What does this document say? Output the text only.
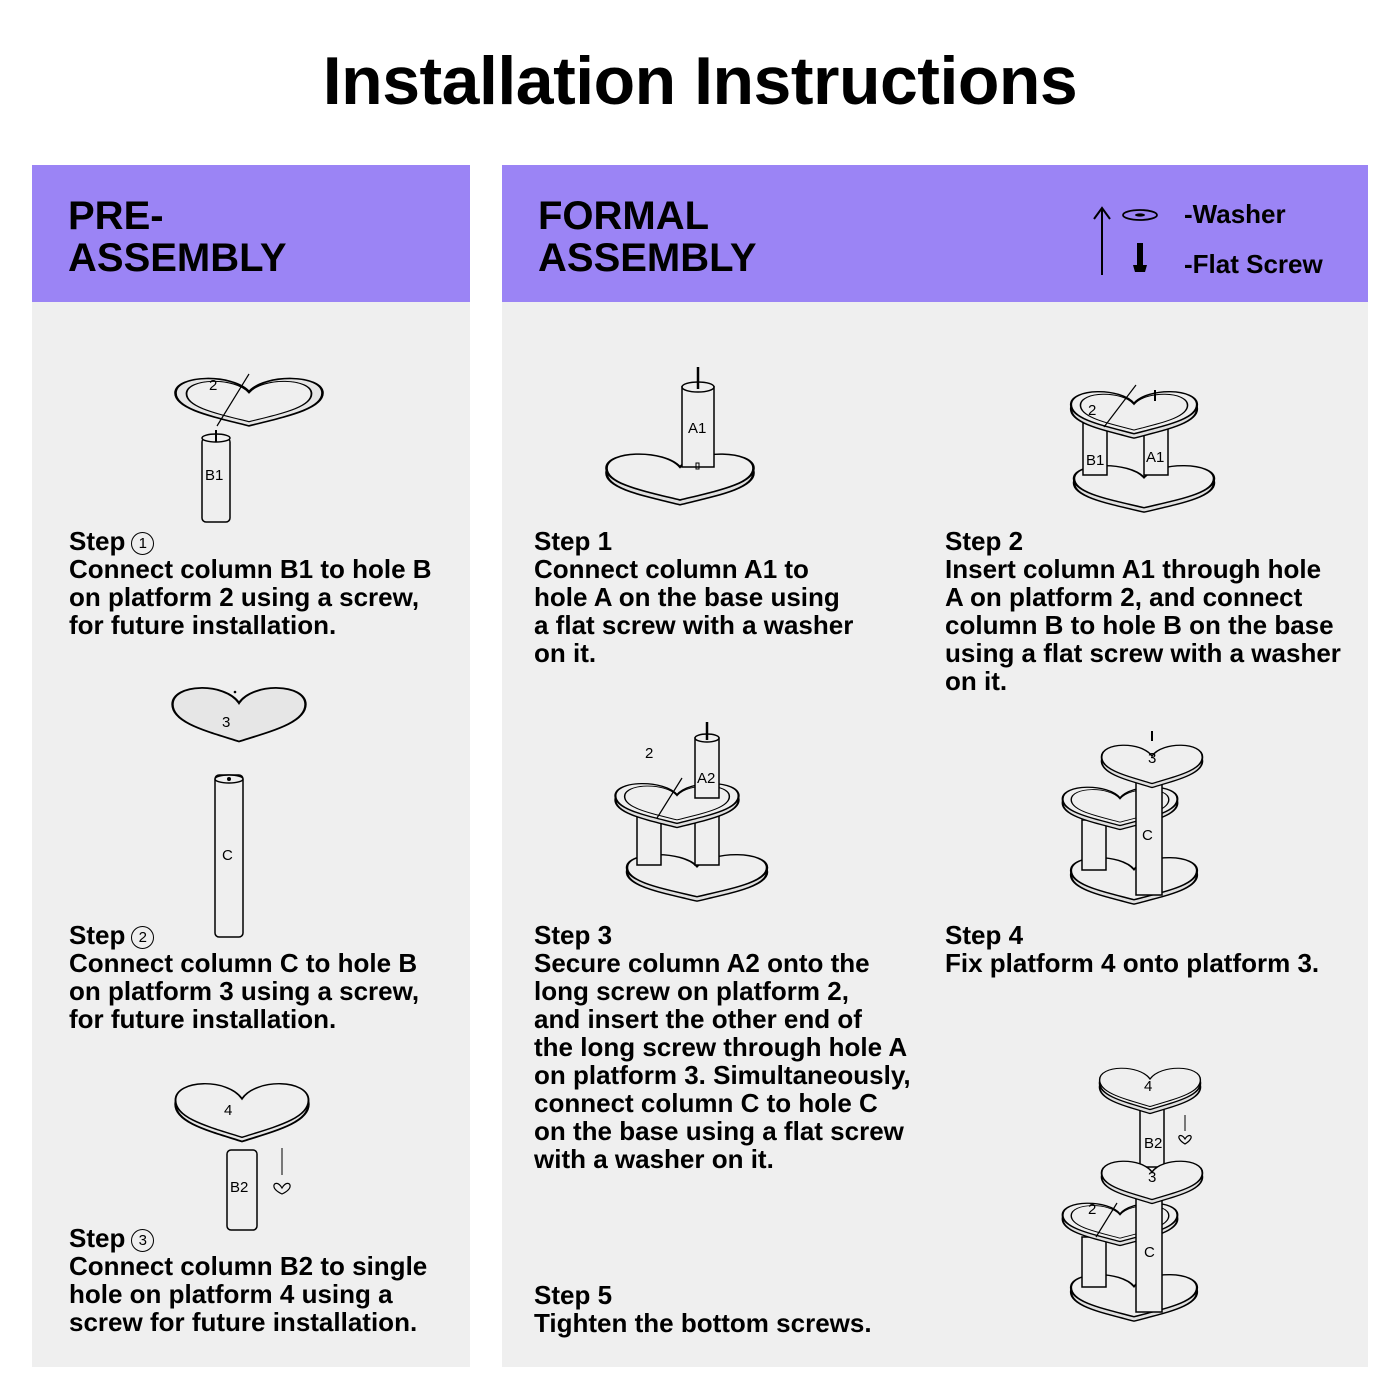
Installation Instructions
PRE-
ASSEMBLY
2
B1
Step 1
Connect column B1 to hole B
on platform 2 using a screw,
for future installation.
3
C
Step 2
Connect column C to hole B
on platform 3 using a screw,
for future installation.
4
B2
Step 3
Connect column B2 to single
hole on platform 4 using a
screw for future installation.
FORMAL
ASSEMBLY
-Washer
-Flat Screw
A1
Step 1
Connect column A1 to
hole A on the base using
a flat screw with a washer
on it.
2
B1	A1
Step 2
Insert column A1 through hole
A on platform 2, and connect
column B to hole B on the base
using a flat screw with a washer
on it.
2
A2
Step 3
Secure column A2 onto the
long screw on platform 2,
and insert the other end of
the long screw through hole A
on platform 3. Simultaneously,
connect column C to hole C
on the base using a flat screw
with a washer on it.
3
C
Step 4
Fix platform 4 onto platform 3.
4
B2
3
2
C
Step 5
Tighten the bottom screws.
